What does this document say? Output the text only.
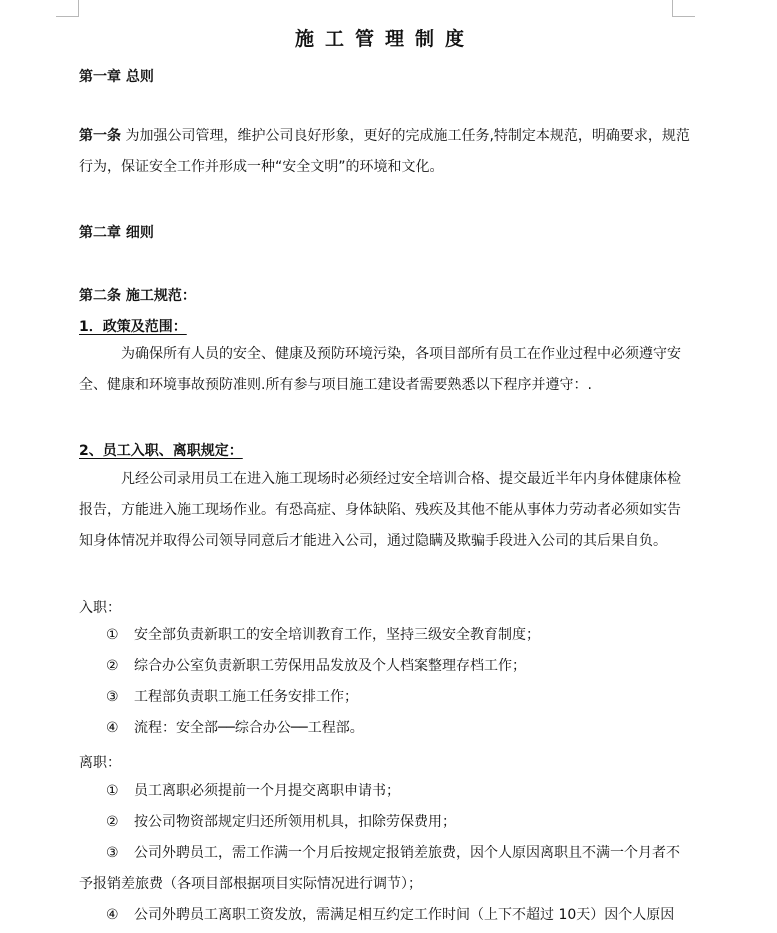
施工管理制度
第一章 总则

第一条 为加强公司管理，维护公司良好形象，更好的完成施工任务,特制定本规范，明确要求，规范行为，保证安全工作并形成一种“安全文明”的环境和文化。

第二章 细则
第二条 施工规范：
1．政策及范围：

为确保所有人员的安全、健康及预防环境污染，各项目部所有员工在作业过程中必须遵守安全、健康和环境事故预防准则.所有参与项目施工建设者需要熟悉以下程序并遵守：.

2、员工入职、离职规定：

凡经公司录用员工在进入施工现场时必须经过安全培训合格、提交最近半年内身体健康体检报告，方能进入施工现场作业。有恐高症、身体缺陷、残疾及其他不能从事体力劳动者必须如实告知身体情况并取得公司领导同意后才能进入公司，通过隐瞒及欺骗手段进入公司的其后果自负。

入职：
① 安全部负责新职工的安全培训教育工作，坚持三级安全教育制度；
② 综合办公室负责新职工劳保用品发放及个人档案整理存档工作；
③ 工程部负责职工施工任务安排工作；
④ 流程：安全部──综合办公──工程部。
离职：
① 员工离职必须提前一个月提交离职申请书；
② 按公司物资部规定归还所领用机具，扣除劳保费用；

③ 公司外聘员工，需工作满一个月后按规定报销差旅费，因个人原因离职且不满一个月者不予报销差旅费（各项目部根据项目实际情况进行调节）；

④ 公司外聘员工离职工资发放，需满足相互约定工作时间（上下不超过 10天）因个人原因
